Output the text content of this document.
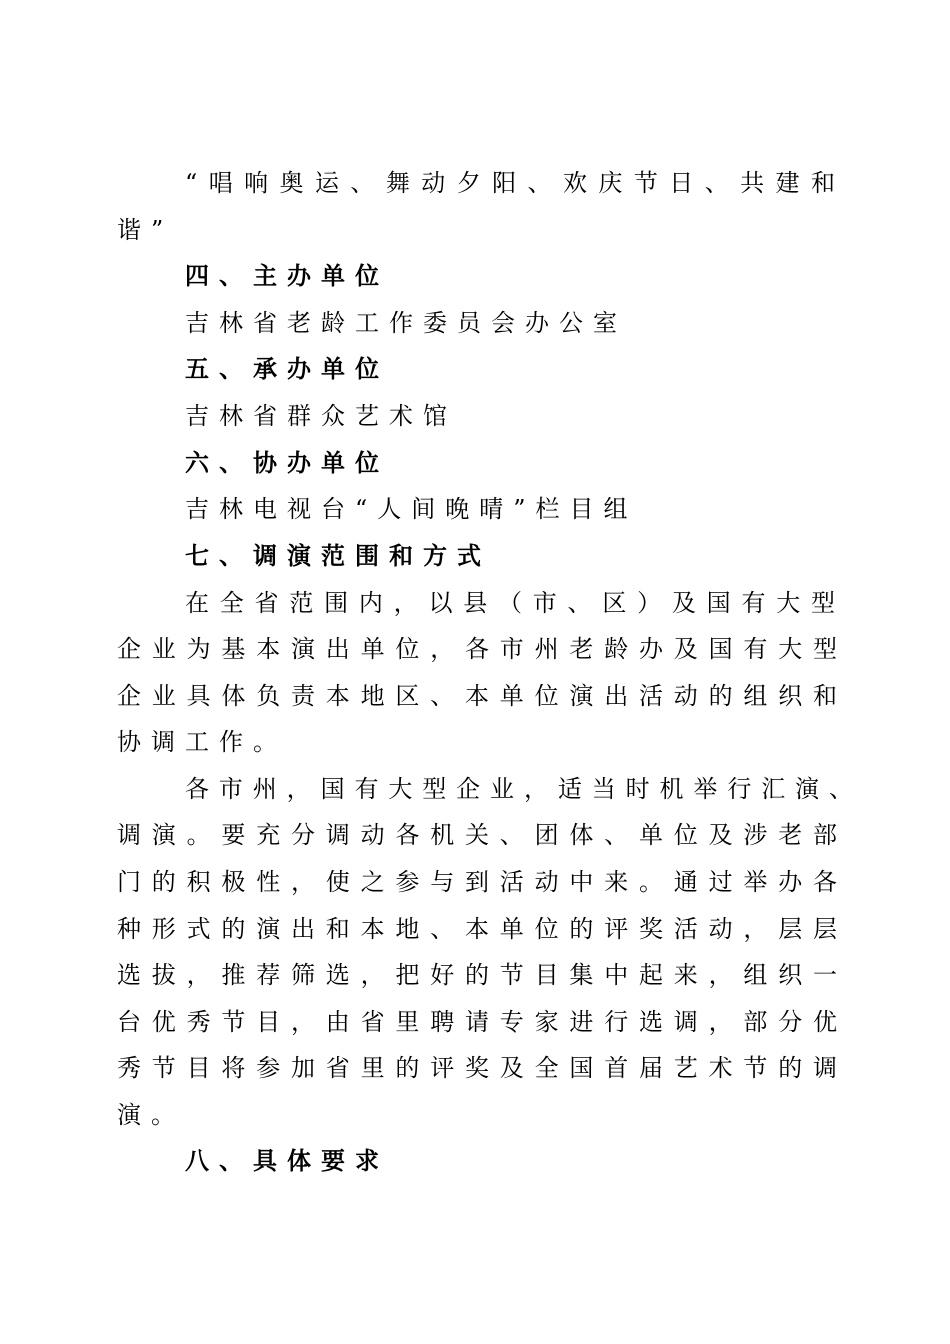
“唱响奥运、舞动夕阳、欢庆节日、共建和
谐”
四、主办单位
吉林省老龄工作委员会办公室
五、承办单位
吉林省群众艺术馆
六、协办单位
吉林电视台“人间晚晴”栏目组
七、调演范围和方式
在全省范围内，以县（市、区）及国有大型
企业为基本演出单位，各市州老龄办及国有大型
企业具体负责本地区、本单位演出活动的组织和
协调工作。
各市州，国有大型企业，适当时机举行汇演、
调演。要充分调动各机关、团体、单位及涉老部
门的积极性，使之参与到活动中来。通过举办各
种形式的演出和本地、本单位的评奖活动，层层
选拔，推荐筛选，把好的节目集中起来，组织一
台优秀节目，由省里聘请专家进行选调，部分优
秀节目将参加省里的评奖及全国首届艺术节的调
演。
八、具体要求
